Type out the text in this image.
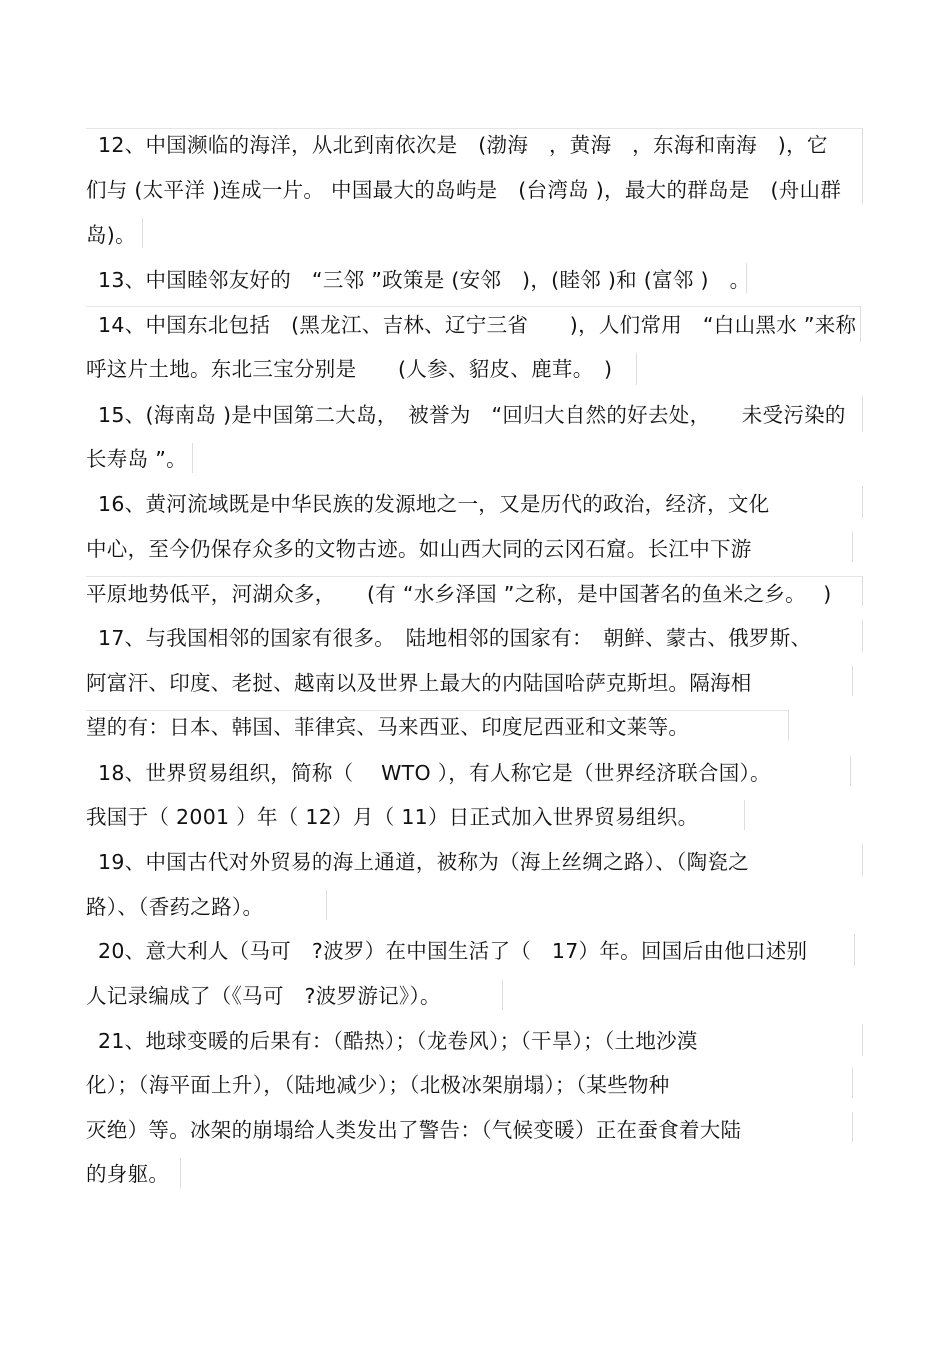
12、中国濒临的海洋，从北到南依次是　(渤海　，黄海　，东海和南海　)，它
们与 (太平洋 )连成一片。 中国最大的岛屿是　(台湾岛 )，最大的群岛是　(舟山群
岛)。
13、中国睦邻友好的　“三邻 ”政策是 (安邻　)，(睦邻 )和 (富邻 )　。
14、中国东北包括　(黑龙江、吉林、辽宁三省　　)，人们常用　“白山黑水 ”来称
呼这片土地。东北三宝分别是　　(人参、貂皮、鹿茸。　)
15、(海南岛 )是中国第二大岛，　被誉为　“回归大自然的好去处，　　未受污染的
长寿岛 ”。
16、黄河流域既是中华民族的发源地之一，又是历代的政治，经济，文化
中心，至今仍保存众多的文物古迹。如山西大同的云冈石窟。长江中下游
平原地势低平，河湖众多，　　(有 “水乡泽国 ”之称，是中国著名的鱼米之乡。　 )
17、与我国相邻的国家有很多。　陆地相邻的国家有：　朝鲜、蒙古、俄罗斯、
阿富汗、印度、老挝、越南以及世界上最大的内陆国哈萨克斯坦。隔海相
望的有：日本、韩国、菲律宾、马来西亚、印度尼西亚和文莱等。
18、世界贸易组织，简称（　 WTO ），有人称它是（世界经济联合国）。
我国于（ 2001 ）年（ 12）月（ 11）日正式加入世界贸易组织。
19、中国古代对外贸易的海上通道，被称为（海上丝绸之路）、（陶瓷之
路）、（香药之路）。
20、意大利人（马可　?波罗）在中国生活了（　17）年。回国后由他口述别
人记录编成了（《马可　?波罗游记》）。
21、地球变暖的后果有：（酷热）；（龙卷风）；（干旱）；（土地沙漠
化）；（海平面上升），（陆地减少）；（北极冰架崩塌）；（某些物种
灭绝）等。冰架的崩塌给人类发出了警告：（气候变暖）正在蚕食着大陆
的身躯。
